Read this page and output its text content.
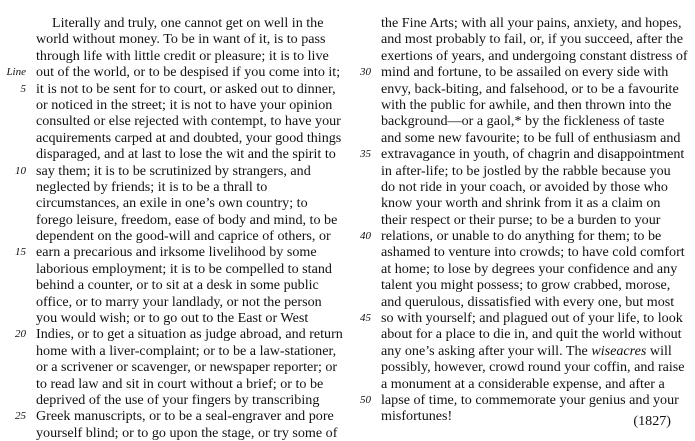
Literally and truly, one cannot get on well in the
world without money. To be in want of it, is to pass
through life with little credit or pleasure; it is to live
Line out of the world, or to be despised if you come into it;
5 it is not to be sent for to court, or asked out to dinner,
or noticed in the street; it is not to have your opinion
consulted or else rejected with contempt, to have your
acquirements carped at and doubted, your good things
disparaged, and at last to lose the wit and the spirit to
10 say them; it is to be scrutinized by strangers, and
neglected by friends; it is to be a thrall to
circumstances, an exile in one’s own country; to
forego leisure, freedom, ease of body and mind, to be
dependent on the good-will and caprice of others, or
15 earn a precarious and irksome livelihood by some
laborious employment; it is to be compelled to stand
behind a counter, or to sit at a desk in some public
office, or to marry your landlady, or not the person
you would wish; or to go out to the East or West
20 Indies, or to get a situation as judge abroad, and return
home with a liver-complaint; or to be a law-stationer,
or a scrivener or scavenger, or newspaper reporter; or
to read law and sit in court without a brief; or to be
deprived of the use of your fingers by transcribing
25 Greek manuscripts, or to be a seal-engraver and pore
yourself blind; or to go upon the stage, or try some of
the Fine Arts; with all your pains, anxiety, and hopes,
and most probably to fail, or, if you succeed, after the
exertions of years, and undergoing constant distress of
30 mind and fortune, to be assailed on every side with
envy, back-biting, and falsehood, or to be a favourite
with the public for awhile, and then thrown into the
background—or a gaol,* by the fickleness of taste
and some new favourite; to be full of enthusiasm and
35 extravagance in youth, of chagrin and disappointment
in after-life; to be jostled by the rabble because you
do not ride in your coach, or avoided by those who
know your worth and shrink from it as a claim on
their respect or their purse; to be a burden to your
40 relations, or unable to do anything for them; to be
ashamed to venture into crowds; to have cold comfort
at home; to lose by degrees your confidence and any
talent you might possess; to grow crabbed, morose,
and querulous, dissatisfied with every one, but most
45 so with yourself; and plagued out of your life, to look
about for a place to die in, and quit the world without
any one’s asking after your will. The wiseacres will
possibly, however, crowd round your coffin, and raise
a monument at a considerable expense, and after a
50 lapse of time, to commemorate your genius and your
misfortunes!	(1827)
